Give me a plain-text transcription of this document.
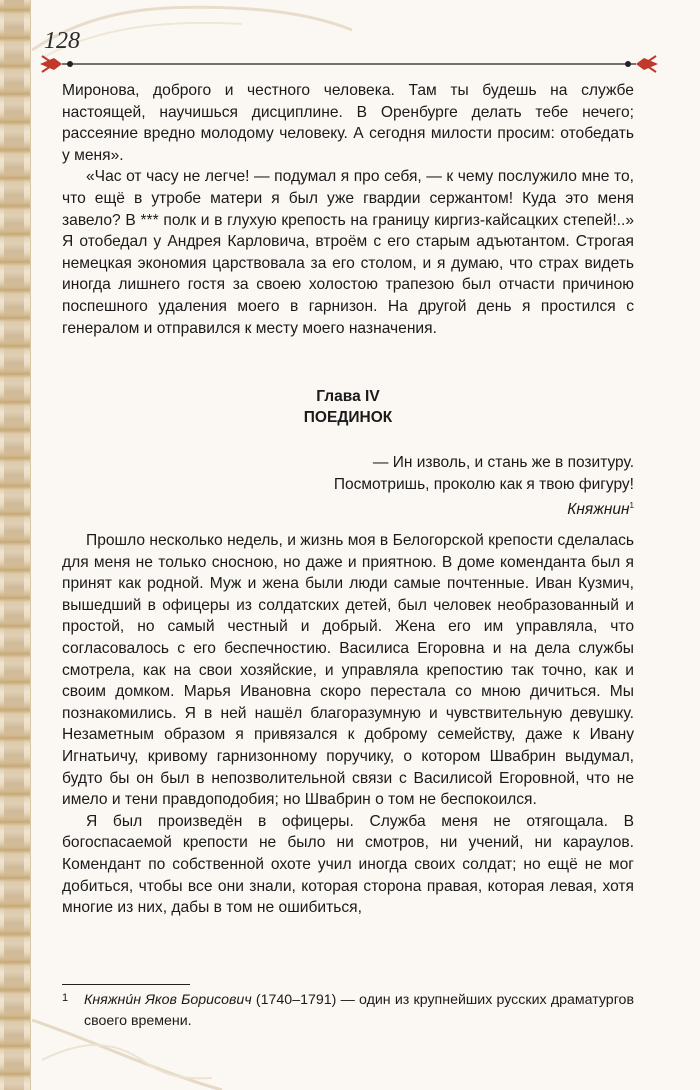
128

Миронова, доброго и честного человека. Там ты будешь на службе настоящей, научишься дисциплине. В Оренбурге делать тебе нечего; рассеяние вредно молодому человеку. А сегодня милости просим: отобедать у меня».

«Час от часу не легче! — подумал я про себя, — к чему послужило мне то, что ещё в утробе матери я был уже гвардии сержантом! Куда это меня завело? В *** полк и в глухую крепость на границу киргиз-кайсацких степей!..» Я отобедал у Андрея Карловича, втроём с его старым адъютантом. Строгая немецкая экономия царствовала за его столом, и я думаю, что страх видеть иногда лишнего гостя за своею холостою трапезою был отчасти причиною поспешного удаления моего в гарнизон. На другой день я простился с генералом и отправился к месту моего назначения.

Глава IV
ПОЕДИНОК
— Ин изволь, и стань же в позитуру.
Посмотришь, проколю как я твою фигуру!
Княжнин$^1$

Прошло несколько недель, и жизнь моя в Белогорской крепости сделалась для меня не только сносною, но даже и приятною. В доме коменданта был я принят как родной. Муж и жена были люди самые почтенные. Иван Кузмич, вышедший в офицеры из солдатских детей, был человек необразованный и простой, но самый честный и добрый. Жена его им управляла, что согласовалось с его беспечностию. Василиса Егоровна и на дела службы смотрела, как на свои хозяйские, и управляла крепостию так точно, как и своим домком. Марья Ивановна скоро перестала со мною дичиться. Мы познакомились. Я в ней нашёл благоразумную и чувствительную девушку. Незаметным образом я привязался к доброму семейству, даже к Ивану Игнатьичу, кривому гарнизонному поручику, о котором Швабрин выдумал, будто бы он был в непозволительной связи с Василисой Егоровной, что не имело и тени правдоподобия; но Швабрин о том не беспокоился.

Я был произведён в офицеры. Служба меня не отягощала. В богоспасаемой крепости не было ни смотров, ни учений, ни караулов. Комендант по собственной охоте учил иногда своих солдат; но ещё не мог добиться, чтобы все они знали, которая сторона правая, которая левая, хотя многие из них, дабы в том не ошибиться,

1 Княжни́н Яков Борисович (1740–1791) — один из крупнейших русских драматургов своего времени.
